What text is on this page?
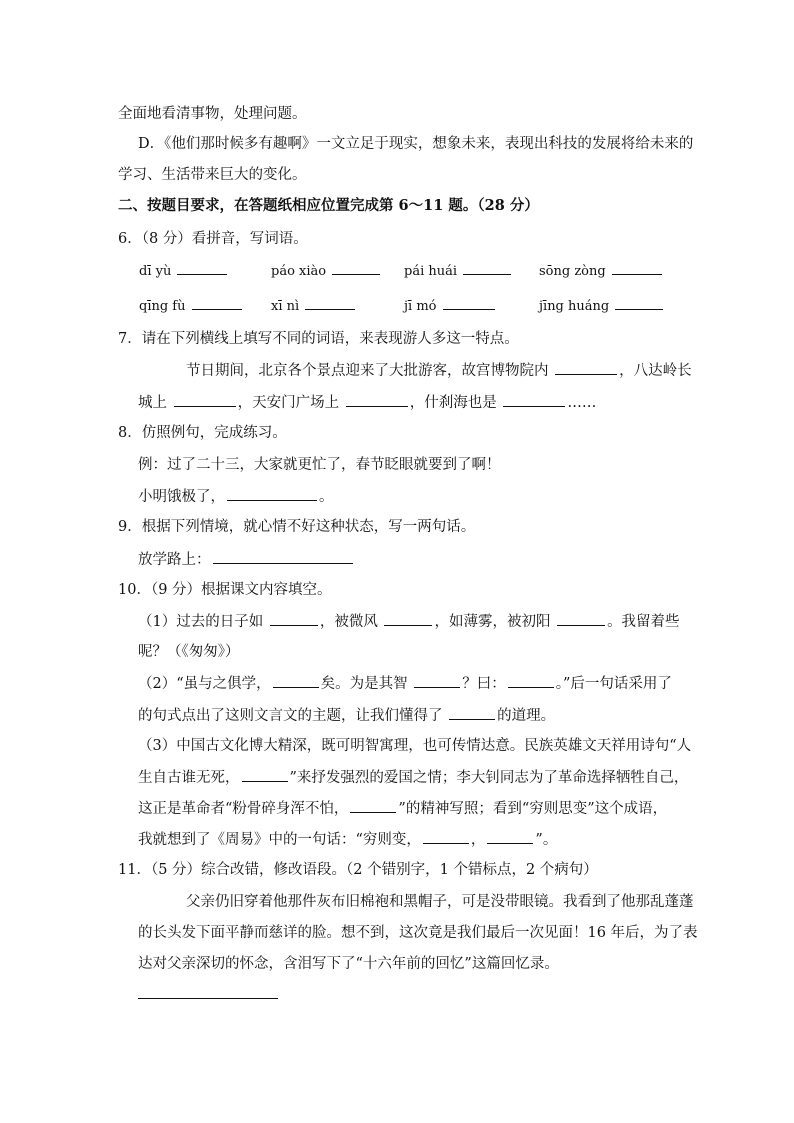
全面地看清事物，处理问题。
D．《他们那时候多有趣啊》一文立足于现实，想象未来，表现出科技的发展将给未来的
学习、生活带来巨大的变化。
二、按题目要求，在答题纸相应位置完成第 6～11 题。（28 分）
6．（8 分）看拼音，写词语。
dī yù	páo xiào	pái huái	sōng zòng
qīng fù	xī nì	jī mó	jīng huáng
7．请在下列横线上填写不同的词语，来表现游人多这一特点。
节日期间，北京各个景点迎来了大批游客，故宫博物院内	，八达岭长
城上	，天安门广场上	，什刹海也是	……
8．仿照例句，完成练习。
例：过了二十三，大家就更忙了，春节眨眼就要到了啊！
小明饿极了，	。
9．根据下列情境，就心情不好这种状态，写一两句话。
放学路上：
10．（9 分）根据课文内容填空。
（1）过去的日子如	，被微风	，如薄雾，被初阳	。我留着些
呢？（《匆匆》）
（2）“虽与之俱学，	矣。为是其智	？曰：	。”后一句话采用了
的句式点出了这则文言文的主题，让我们懂得了	的道理。
（3）中国古文化博大精深，既可明智寓理，也可传情达意。民族英雄文天祥用诗句“人
生自古谁无死，	”来抒发强烈的爱国之情；李大钊同志为了革命选择牺牲自己，
这正是革命者“粉骨碎身浑不怕，	”的精神写照；看到“穷则思变”这个成语，
我就想到了《周易》中的一句话：“穷则变，	，	”。
11．（5 分）综合改错，修改语段。（2 个错别字，1 个错标点，2 个病句）
父亲仍旧穿着他那件灰布旧棉袍和黑帽子，可是没带眼镜。我看到了他那乱蓬蓬
的长头发下面平静而慈详的脸。想不到，这次竟是我们最后一次见面！16 年后，为了表
达对父亲深切的怀念，含泪写下了“十六年前的回忆”这篇回忆录。
